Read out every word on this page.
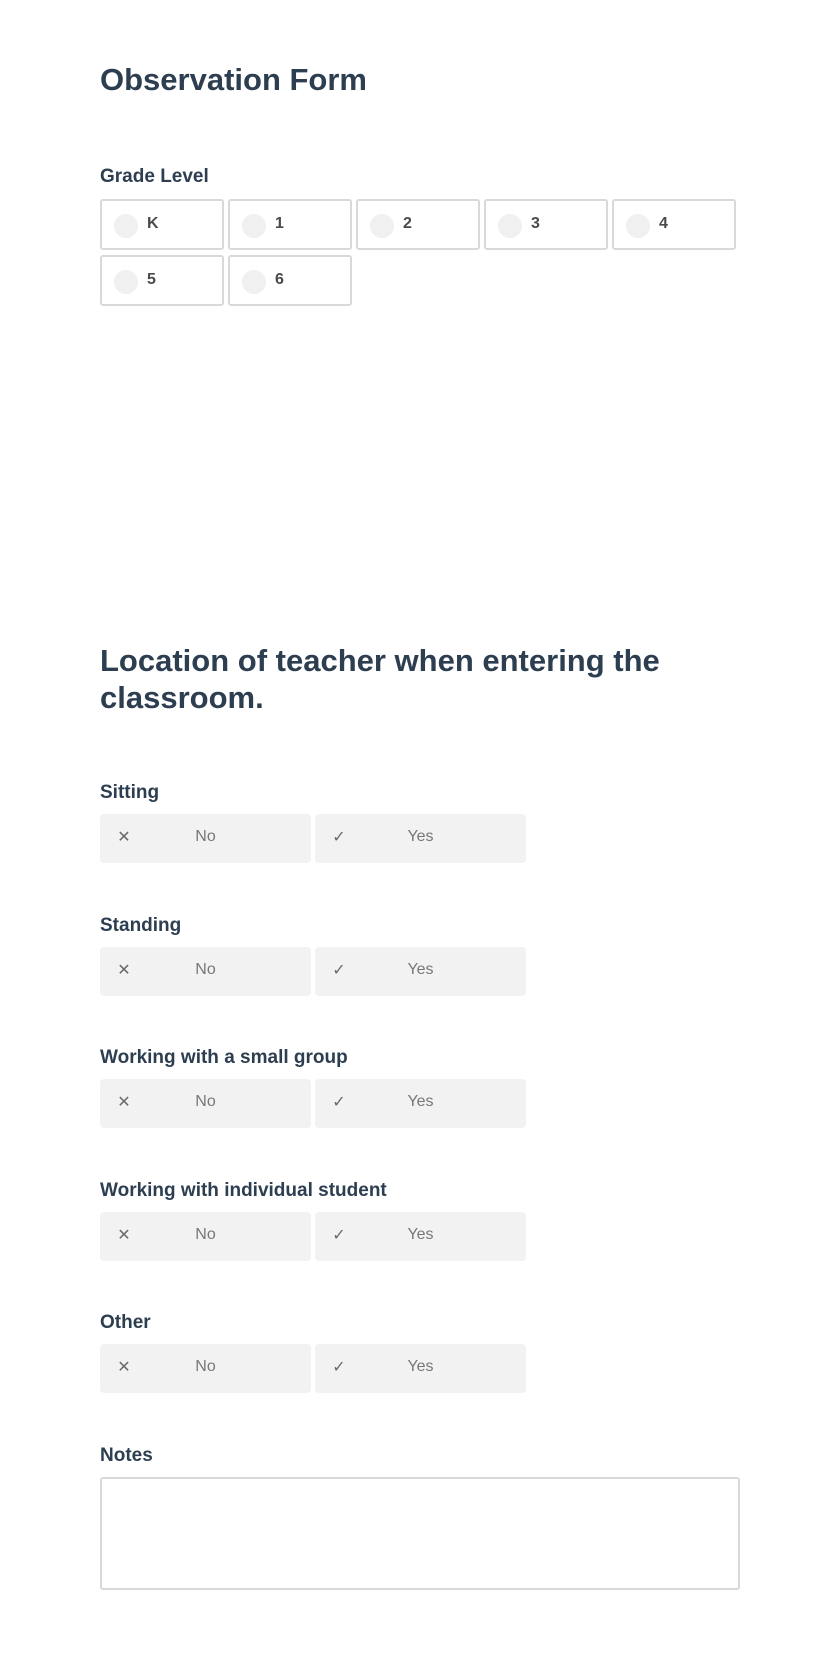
Observation Form
Grade Level
K	1	2	3	4
5	6
Location of teacher when entering the classroom.
Sitting
✕	No	✓	Yes
Standing
✕	No	✓	Yes
Working with a small group
✕	No	✓	Yes
Working with individual student
✕	No	✓	Yes
Other
✕	No	✓	Yes
Notes
